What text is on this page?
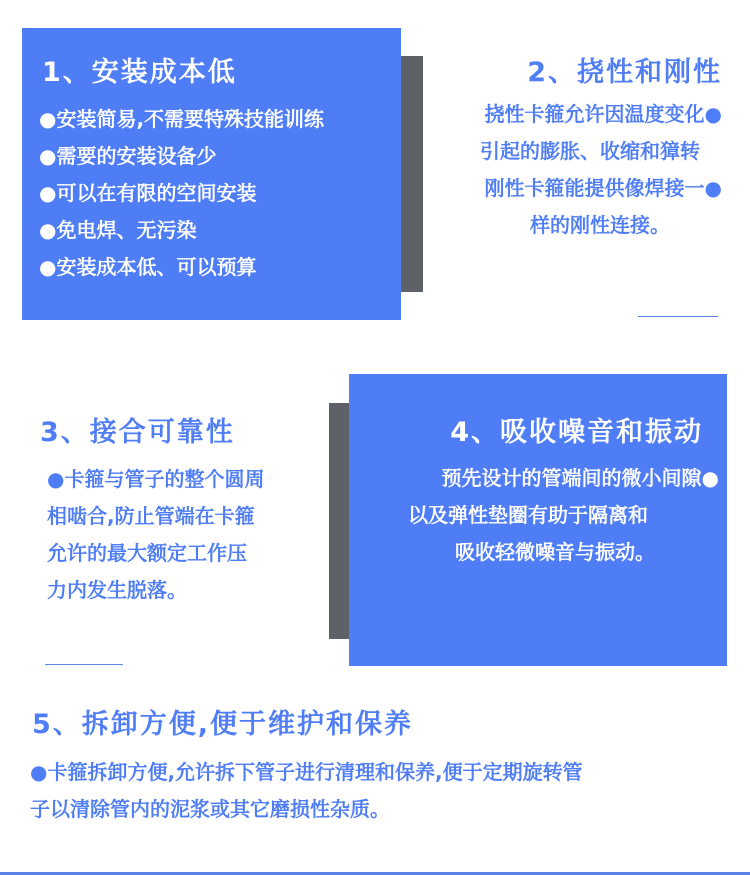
1、安装成本低
●安装简易,不需要特殊技能训练
●需要的安装设备少
●可以在有限的空间安装
●免电焊、无污染
●安装成本低、可以预算
2、挠性和刚性
挠性卡箍允许因温度变化●
引起的膨胀、收缩和獐转
刚性卡箍能提供像焊接一●
样的刚性连接。
3、接合可靠性
●卡箍与管子的整个圆周
相啮合,防止管端在卡箍
允许的最大额定工作压
力内发生脱落。
4、吸收噪音和振动
预先设计的管端间的微小间隙●
以及弹性垫圈有助于隔离和
吸收轻微噪音与振动。
5、拆卸方便,便于维护和保养
●卡箍拆卸方便,允许拆下管子进行清理和保养,便于定期旋转管
子以清除管内的泥浆或其它磨损性杂质。
